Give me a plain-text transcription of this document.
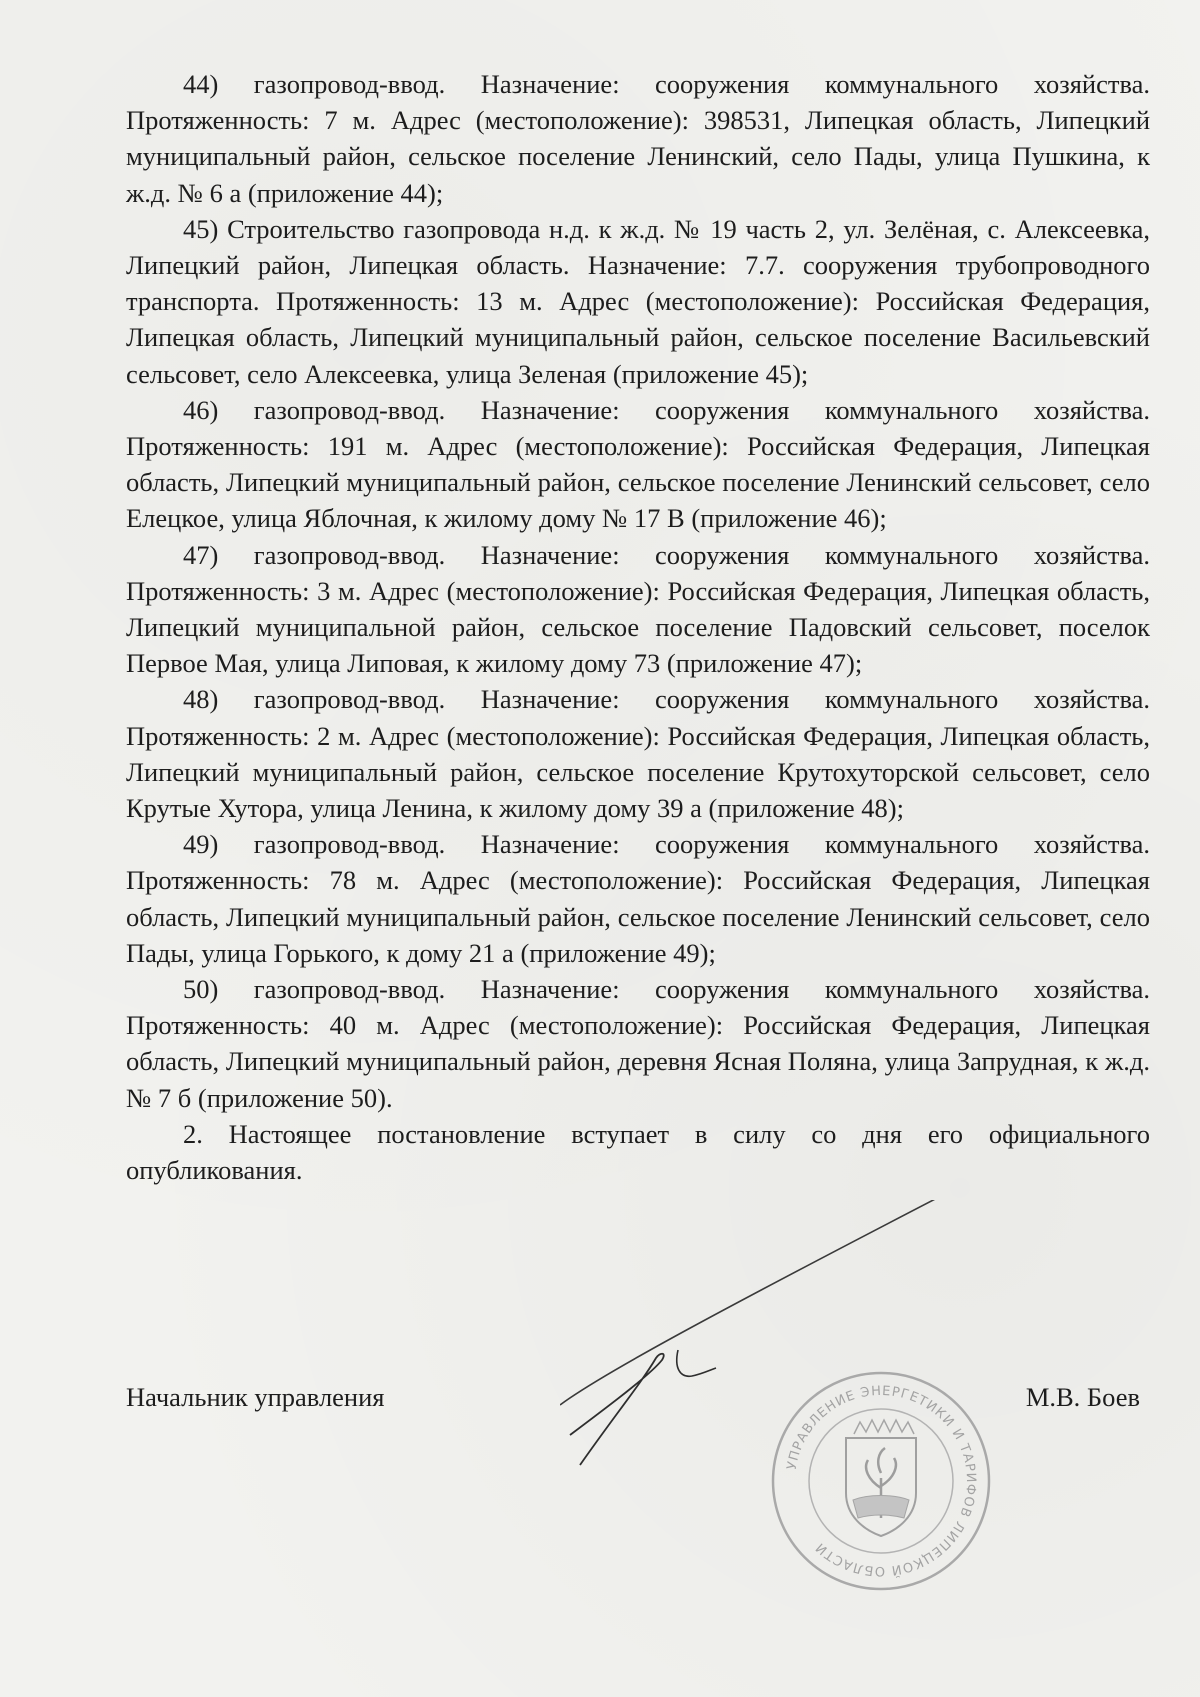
44) газопровод-ввод. Назначение: сооружения коммунального хозяйства. Протяженность: 7 м. Адрес (местоположение): 398531, Липецкая область, Липецкий муниципальный район, сельское поселение Ленинский, село Пады, улица Пушкина, к ж.д. № 6 а (приложение 44);

45) Строительство газопровода н.д. к ж.д. № 19 часть 2, ул. Зелёная, с. Алексеевка, Липецкий район, Липецкая область. Назначение: 7.7. сооружения трубопроводного транспорта. Протяженность: 13 м. Адрес (местоположение): Российская Федерация, Липецкая область, Липецкий муниципальный район, сельское поселение Васильевский сельсовет, село Алексеевка, улица Зеленая (приложение 45);

46) газопровод-ввод. Назначение: сооружения коммунального хозяйства. Протяженность: 191 м. Адрес (местоположение): Российская Федерация, Липецкая область, Липецкий муниципальный район, сельское поселение Ленинский сельсовет, село Елецкое, улица Яблочная, к жилому дому № 17 В (приложение 46);

47) газопровод-ввод. Назначение: сооружения коммунального хозяйства. Протяженность: 3 м. Адрес (местоположение): Российская Федерация, Липецкая область, Липецкий муниципальной район, сельское поселение Падовский сельсовет, поселок Первое Мая, улица Липовая, к жилому дому 73 (приложение 47);

48) газопровод-ввод. Назначение: сооружения коммунального хозяйства. Протяженность: 2 м. Адрес (местоположение): Российская Федерация, Липецкая область, Липецкий муниципальный район, сельское поселение Крутохуторской сельсовет, село Крутые Хутора, улица Ленина, к жилому дому 39 а (приложение 48);

49) газопровод-ввод. Назначение: сооружения коммунального хозяйства. Протяженность: 78 м. Адрес (местоположение): Российская Федерация, Липецкая область, Липецкий муниципальный район, сельское поселение Ленинский сельсовет, село Пады, улица Горького, к дому 21 а (приложение 49);

50) газопровод-ввод. Назначение: сооружения коммунального хозяйства. Протяженность: 40 м. Адрес (местоположение): Российская Федерация, Липецкая область, Липецкий муниципальный район, деревня Ясная Поляна, улица Запрудная, к ж.д. № 7 б (приложение 50).

2. Настоящее постановление вступает в силу со дня его официального опубликования.

УПРАВЛЕНИЕ ЭНЕРГЕТИКИ И ТАРИФОВ ЛИПЕЦКОЙ ОБЛАСТИ
Начальник управления	М.В. Боев
